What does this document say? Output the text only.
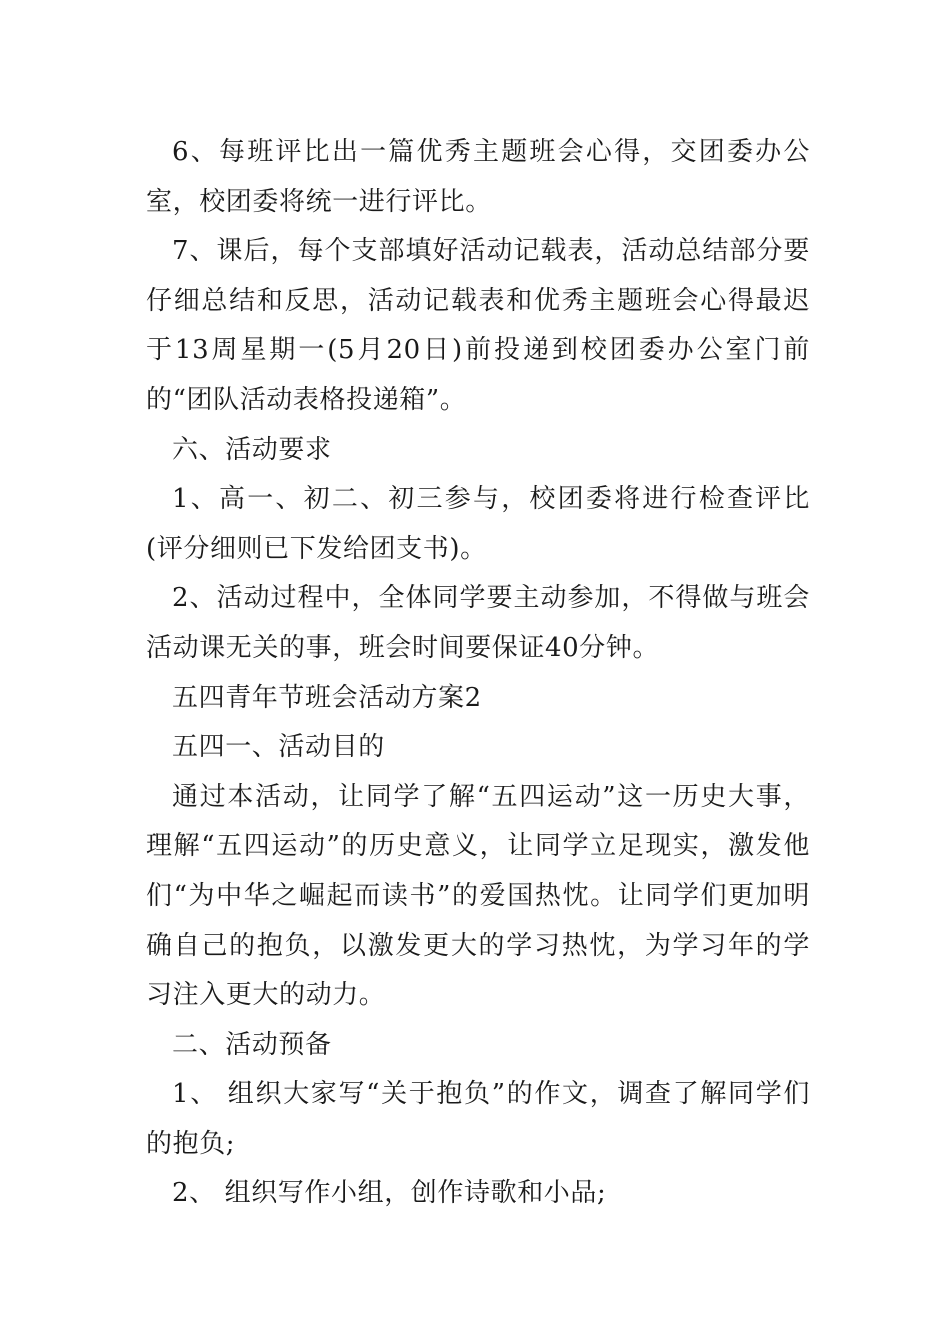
6、每班评比出一篇优秀主题班会心得，交团委办公室，校团委将统一进行评比。

7、课后，每个支部填好活动记载表，活动总结部分要仔细总结和反思，活动记载表和优秀主题班会心得最迟于13周星期一(5月20日)前投递到校团委办公室门前的“团队活动表格投递箱”。

六、活动要求

1、高一、初二、初三参与，校团委将进行检查评比(评分细则已下发给团支书)。

2、活动过程中，全体同学要主动参加，不得做与班会活动课无关的事，班会时间要保证40分钟。

五四青年节班会活动方案2

五四一、活动目的

通过本活动，让同学了解“五四运动”这一历史大事，理解“五四运动”的历史意义，让同学立足现实，激发他们“为中华之崛起而读书”的爱国热忱。让同学们更加明确自己的抱负，以激发更大的学习热忱，为学习年的学习注入更大的动力。

二、活动预备

1、 组织大家写“关于抱负”的作文，调查了解同学们的抱负;

2、 组织写作小组，创作诗歌和小品;
